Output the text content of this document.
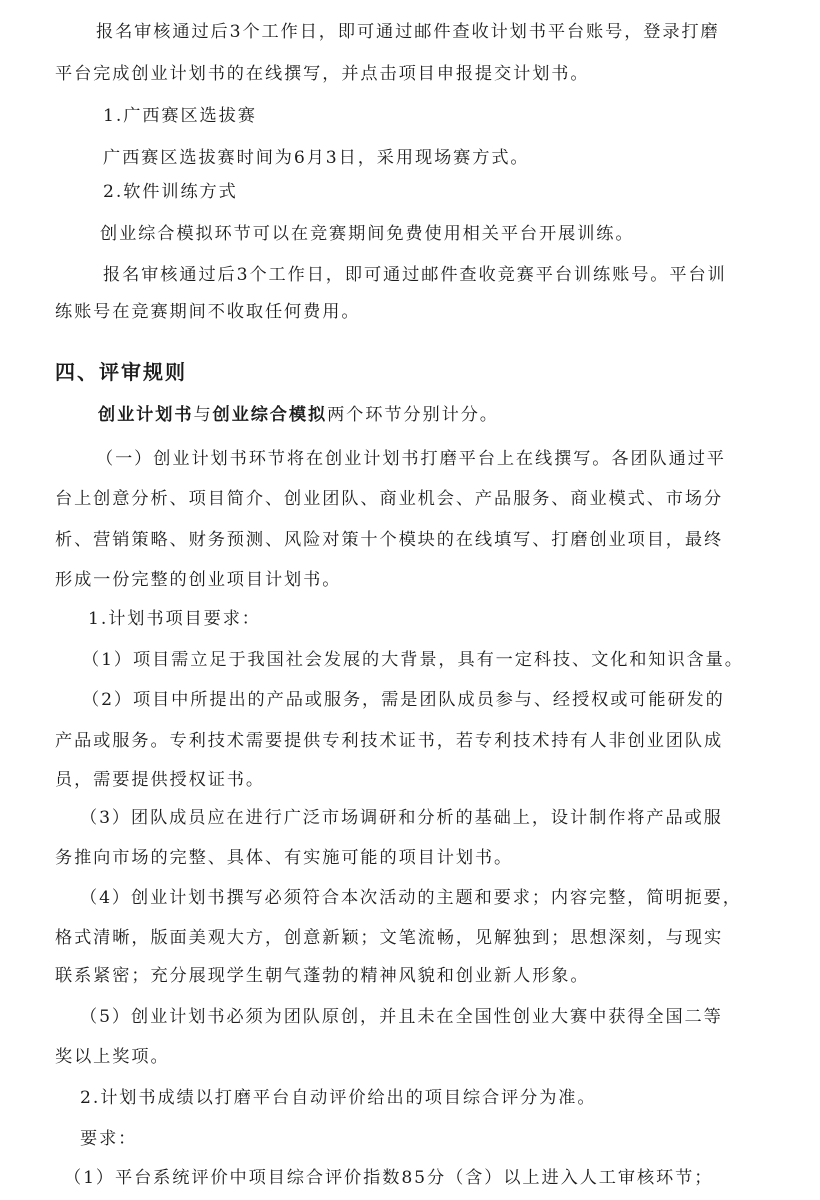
报名审核通过后3个工作日，即可通过邮件查收计划书平台账号，登录打磨
平台完成创业计划书的在线撰写，并点击项目申报提交计划书。
1.广西赛区选拔赛
广西赛区选拔赛时间为6月3日，采用现场赛方式。
2.软件训练方式
创业综合模拟环节可以在竞赛期间免费使用相关平台开展训练。
报名审核通过后3个工作日，即可通过邮件查收竞赛平台训练账号。平台训
练账号在竞赛期间不收取任何费用。
四、评审规则
创业计划书与创业综合模拟两个环节分别计分。
（一）创业计划书环节将在创业计划书打磨平台上在线撰写。各团队通过平
台上创意分析、项目简介、创业团队、商业机会、产品服务、商业模式、市场分
析、营销策略、财务预测、风险对策十个模块的在线填写、打磨创业项目，最终
形成一份完整的创业项目计划书。
1.计划书项目要求：
（1）项目需立足于我国社会发展的大背景，具有一定科技、文化和知识含量。
（2）项目中所提出的产品或服务，需是团队成员参与、经授权或可能研发的
产品或服务。专利技术需要提供专利技术证书，若专利技术持有人非创业团队成
员，需要提供授权证书。
（3）团队成员应在进行广泛市场调研和分析的基础上，设计制作将产品或服
务推向市场的完整、具体、有实施可能的项目计划书。
（4）创业计划书撰写必须符合本次活动的主题和要求；内容完整，简明扼要，
格式清晰，版面美观大方，创意新颖；文笔流畅，见解独到；思想深刻，与现实
联系紧密；充分展现学生朝气蓬勃的精神风貌和创业新人形象。
（5）创业计划书必须为团队原创，并且未在全国性创业大赛中获得全国二等
奖以上奖项。
2.计划书成绩以打磨平台自动评价给出的项目综合评分为准。
要求：
（1）平台系统评价中项目综合评价指数85分（含）以上进入人工审核环节；
